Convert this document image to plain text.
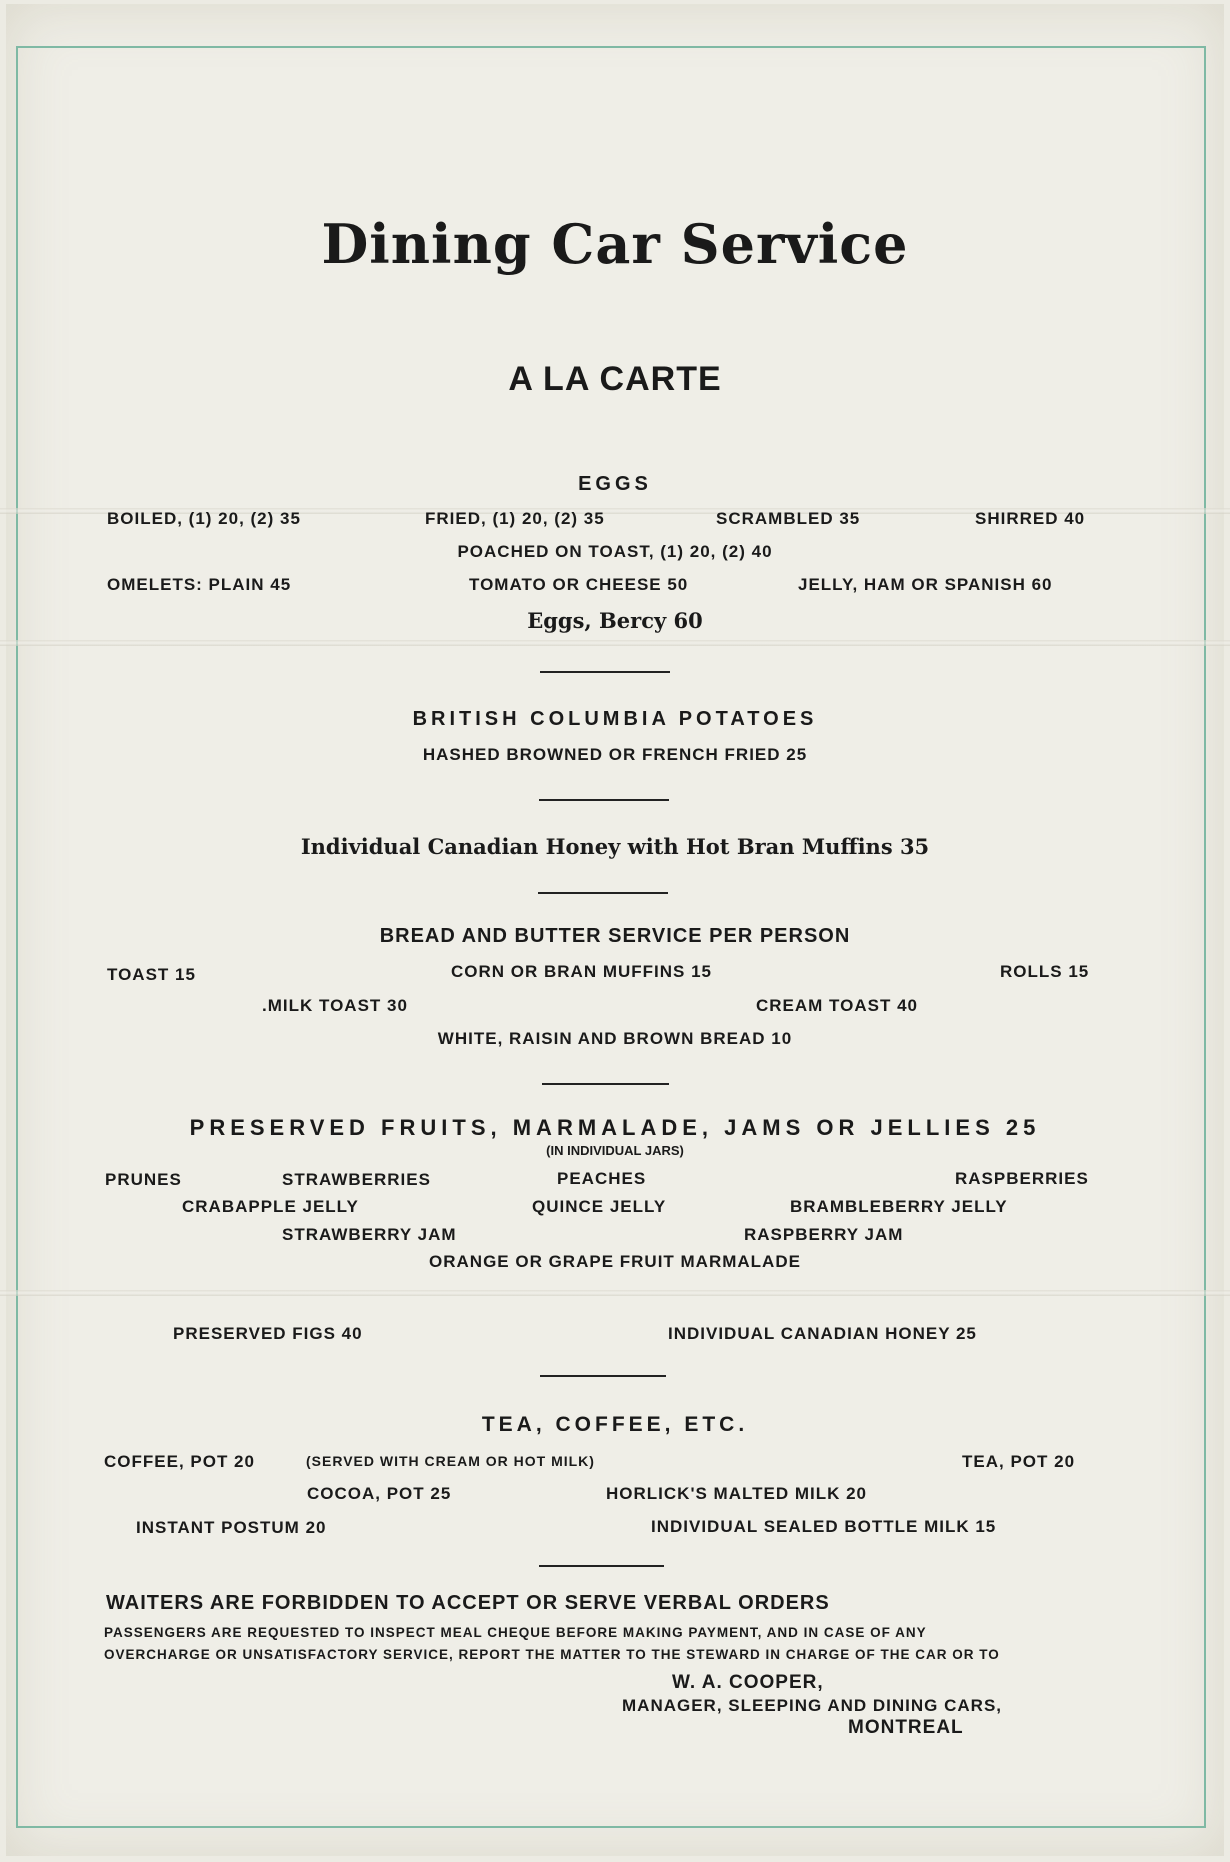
Dining Car Service
A LA CARTE
EGGS
BOILED, (1) 20, (2) 35	FRIED, (1) 20, (2) 35	SCRAMBLED 35	SHIRRED 40
POACHED ON TOAST, (1) 20, (2) 40
OMELETS: PLAIN 45	TOMATO OR CHEESE 50	JELLY, HAM OR SPANISH 60
Eggs, Bercy 60
BRITISH COLUMBIA POTATOES
HASHED BROWNED OR FRENCH FRIED 25
Individual Canadian Honey with Hot Bran Muffins 35
BREAD AND BUTTER SERVICE PER PERSON
TOAST 15	CORN OR BRAN MUFFINS 15	ROLLS 15
.MILK TOAST 30	CREAM TOAST 40
WHITE, RAISIN AND BROWN BREAD 10
PRESERVED FRUITS, MARMALADE, JAMS OR JELLIES 25
(IN INDIVIDUAL JARS)
PRUNES	STRAWBERRIES	PEACHES	RASPBERRIES
CRABAPPLE JELLY	QUINCE JELLY	BRAMBLEBERRY JELLY
STRAWBERRY JAM	RASPBERRY JAM
ORANGE OR GRAPE FRUIT MARMALADE
PRESERVED FIGS 40	INDIVIDUAL CANADIAN HONEY 25
TEA, COFFEE, ETC.
COFFEE, POT 20	(SERVED WITH CREAM OR HOT MILK)	TEA, POT 20
COCOA, POT 25	HORLICK'S MALTED MILK 20
INSTANT POSTUM 20	INDIVIDUAL SEALED BOTTLE MILK 15
WAITERS ARE FORBIDDEN TO ACCEPT OR SERVE VERBAL ORDERS
PASSENGERS ARE REQUESTED TO INSPECT MEAL CHEQUE BEFORE MAKING PAYMENT, AND IN CASE OF ANY
OVERCHARGE OR UNSATISFACTORY SERVICE, REPORT THE MATTER TO THE STEWARD IN CHARGE OF THE CAR OR TO
W. A. COOPER,
MANAGER, SLEEPING AND DINING CARS,
MONTREAL
